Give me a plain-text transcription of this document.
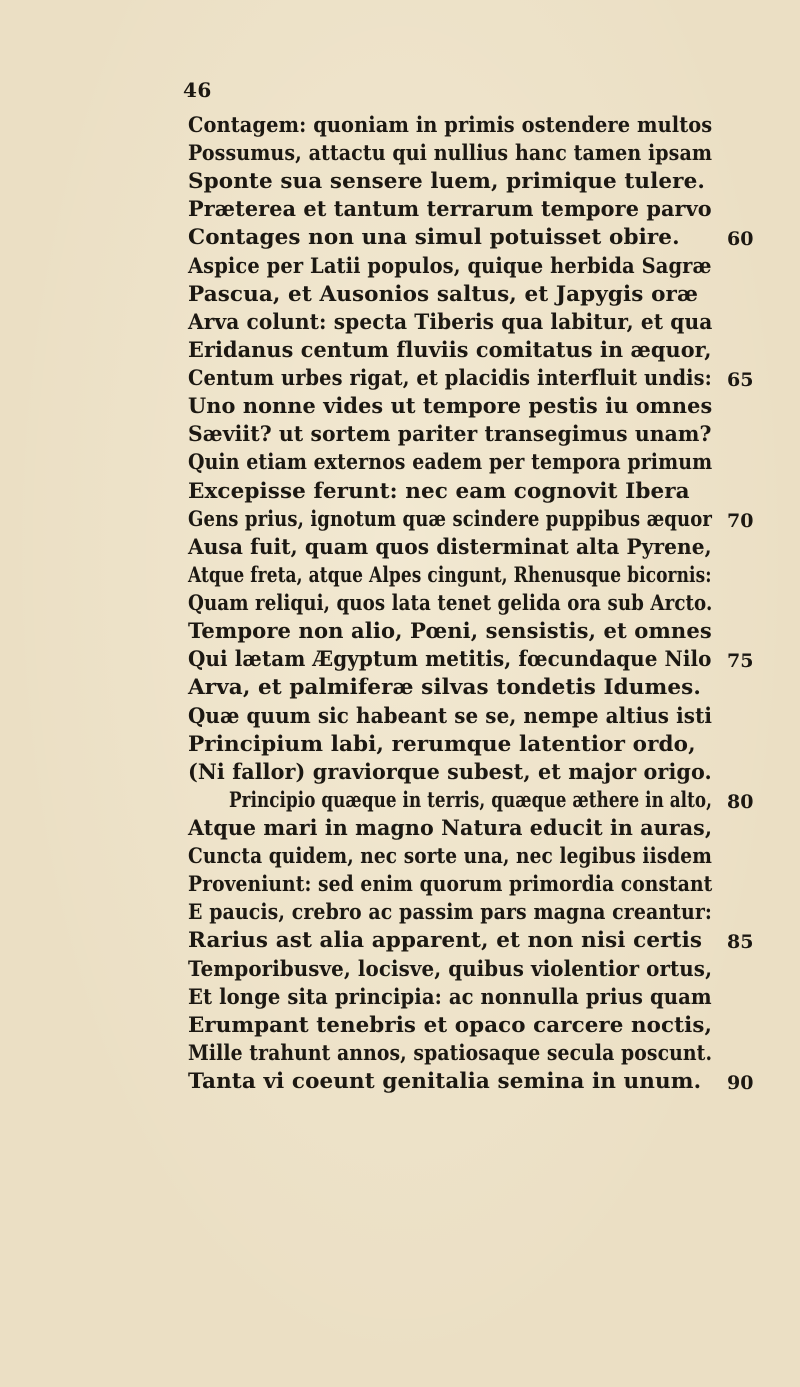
46
Contagem: quoniam in primis ostendere multos
Possumus, attactu qui nullius hanc tamen ipsam
Sponte sua sensere luem, primique tulere.
Præterea et tantum terrarum tempore parvo
Contages non una simul potuisset obire. 60
Aspice per Latii populos, quique herbida Sagræ
Pascua, et Ausonios saltus, et Japygis oræ
Arva colunt: specta Tiberis qua labitur, et qua
Eridanus centum fluviis comitatus in æquor,
Centum urbes rigat, et placidis interfluit undis: 65
Uno nonne vides ut tempore pestis iu omnes
Sæviit? ut sortem pariter transegimus unam?
Quin etiam externos eadem per tempora primum
Excepisse ferunt: nec eam cognovit Ibera
Gens prius, ignotum quæ scindere puppibus æquor 70
Ausa fuit, quam quos disterminat alta Pyrene,
Atque freta, atque Alpes cingunt, Rhenusque bicornis:
Quam reliqui, quos lata tenet gelida ora sub Arcto.
Tempore non alio, Pœni, sensistis, et omnes
Qui lætam Ægyptum metitis, fœcundaque Nilo 75
Arva, et palmiferæ silvas tondetis Idumes.
Quæ quum sic habeant se se, nempe altius isti
Principium labi, rerumque latentior ordo,
(Ni fallor) graviorque subest, et major origo.
Principio quæque in terris, quæque æthere in alto, 80
Atque mari in magno Natura educit in auras,
Cuncta quidem, nec sorte una, nec legibus iisdem
Proveniunt: sed enim quorum primordia constant
E paucis, crebro ac passim pars magna creantur:
Rarius ast alia apparent, et non nisi certis 85
Temporibusve, locisve, quibus violentior ortus,
Et longe sita principia: ac nonnulla prius quam
Erumpant tenebris et opaco carcere noctis,
Mille trahunt annos, spatiosaque secula poscunt.
Tanta vi coeunt genitalia semina in unum. 90
